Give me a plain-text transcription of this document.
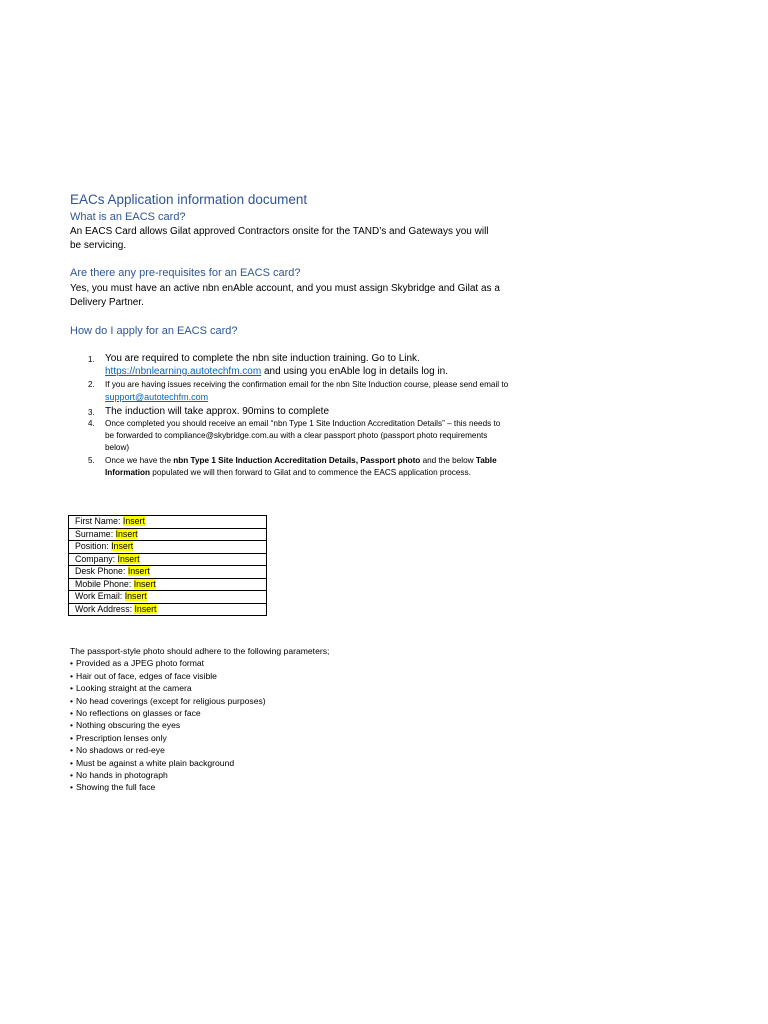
EACs Application information document
What is an EACS card?
An EACS Card allows Gilat approved Contractors onsite for the TAND’s and Gateways you will be servicing.
Are there any pre-requisites for an EACS card?
Yes, you must have an active nbn enAble account, and you must assign Skybridge and Gilat as a Delivery Partner.
How do I apply for an EACS card?
1. You are required to complete the nbn site induction training. Go to Link.
https://nbnlearning.autotechfm.com and using you enAble log in details log in.
2. If you are having issues receiving the confirmation email for the nbn Site Induction course, please send email to support@autotechfm.com
3. The induction will take approx. 90mins to complete
4. Once completed you should receive an email “nbn Type 1 Site Induction Accreditation Details” – this needs to be forwarded to compliance@skybridge.com.au with a clear passport photo (passport photo requirements below)
5. Once we have the nbn Type 1 Site Induction Accreditation Details, Passport photo and the below Table Information populated we will then forward to Gilat and to commence the EACS application process.
First Name: Insert
Surname: Insert
Position: Insert
Company: Insert
Desk Phone: Insert
Mobile Phone: Insert
Work Email: Insert
Work Address: Insert
The passport-style photo should adhere to the following parameters;
• Provided as a JPEG photo format
• Hair out of face, edges of face visible
• Looking straight at the camera
• No head coverings (except for religious purposes)
• No reflections on glasses or face
• Nothing obscuring the eyes
• Prescription lenses only
• No shadows or red-eye
• Must be against a white plain background
• No hands in photograph
• Showing the full face
